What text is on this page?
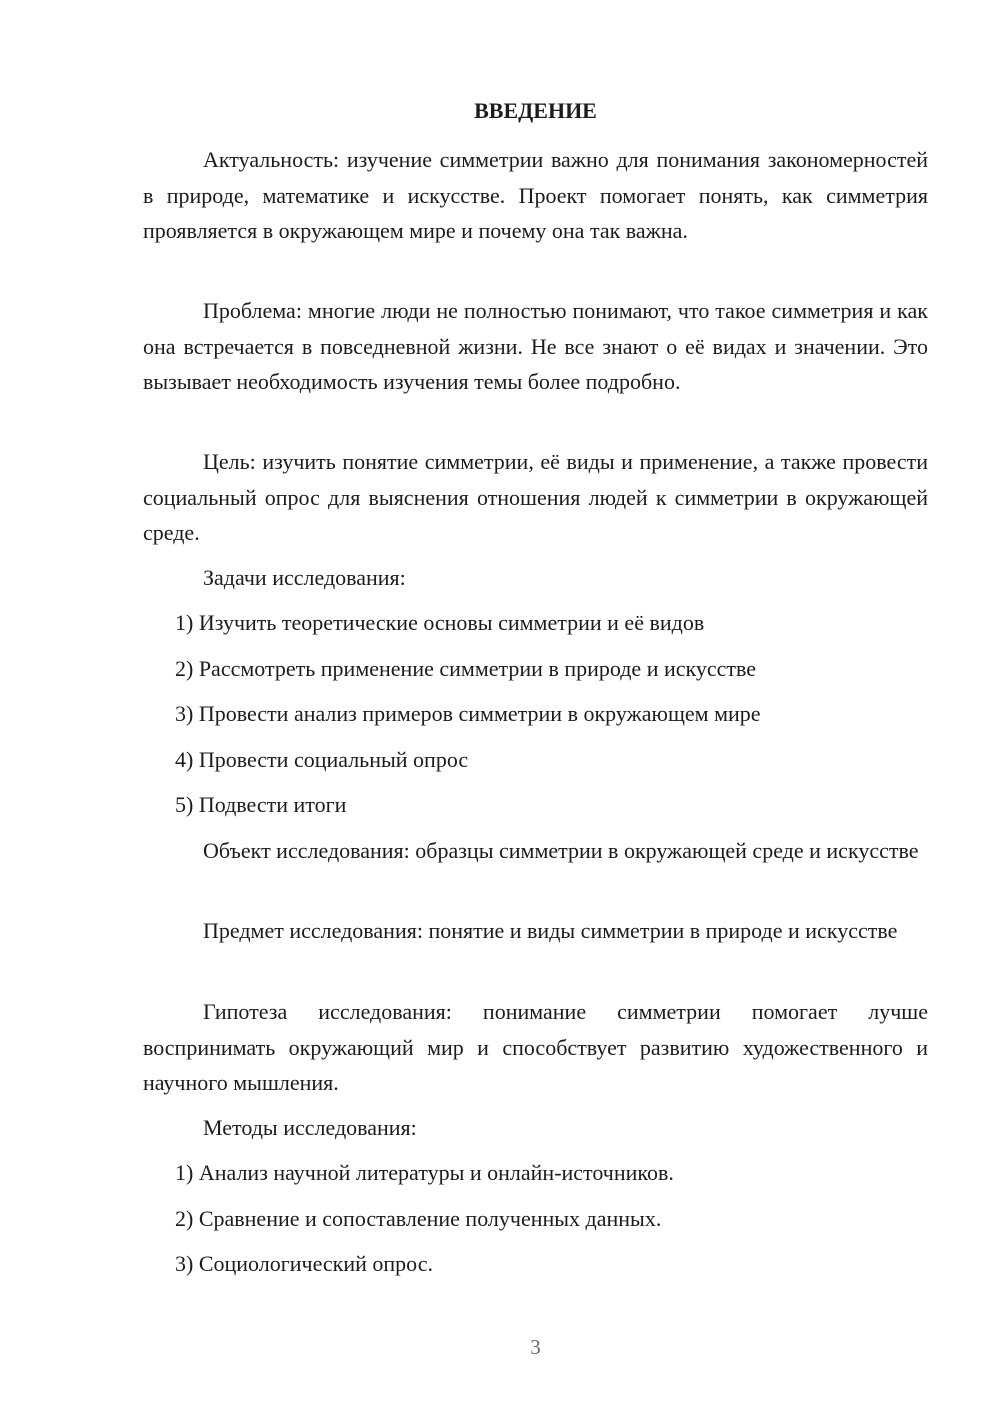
ВВЕДЕНИЕ

Актуальность: изучение симметрии важно для понимания закономерностей в природе, математике и искусстве. Проект помогает понять, как симметрия проявляется в окружающем мире и почему она так важна.

Проблема: многие люди не полностью понимают, что такое симметрия и как она встречается в повседневной жизни. Не все знают о её видах и значении. Это вызывает необходимость изучения темы более подробно.

Цель: изучить понятие симметрии, её виды и применение, а также провести социальный опрос для выяснения отношения людей к симметрии в окружающей среде.

Задачи исследования:

1) Изучить теоретические основы симметрии и её видов

2) Рассмотреть применение симметрии в природе и искусстве

3) Провести анализ примеров симметрии в окружающем мире

4) Провести социальный опрос

5) Подвести итоги

Объект исследования: образцы симметрии в окружающей среде и искусстве

Предмет исследования: понятие и виды симметрии в природе и искусстве

Гипотеза исследования: понимание симметрии помогает лучше воспринимать окружающий мир и способствует развитию художественного и научного мышления.

Методы исследования:

1) Анализ научной литературы и онлайн-источников.

2) Сравнение и сопоставление полученных данных.

3) Социологический опрос.

3
